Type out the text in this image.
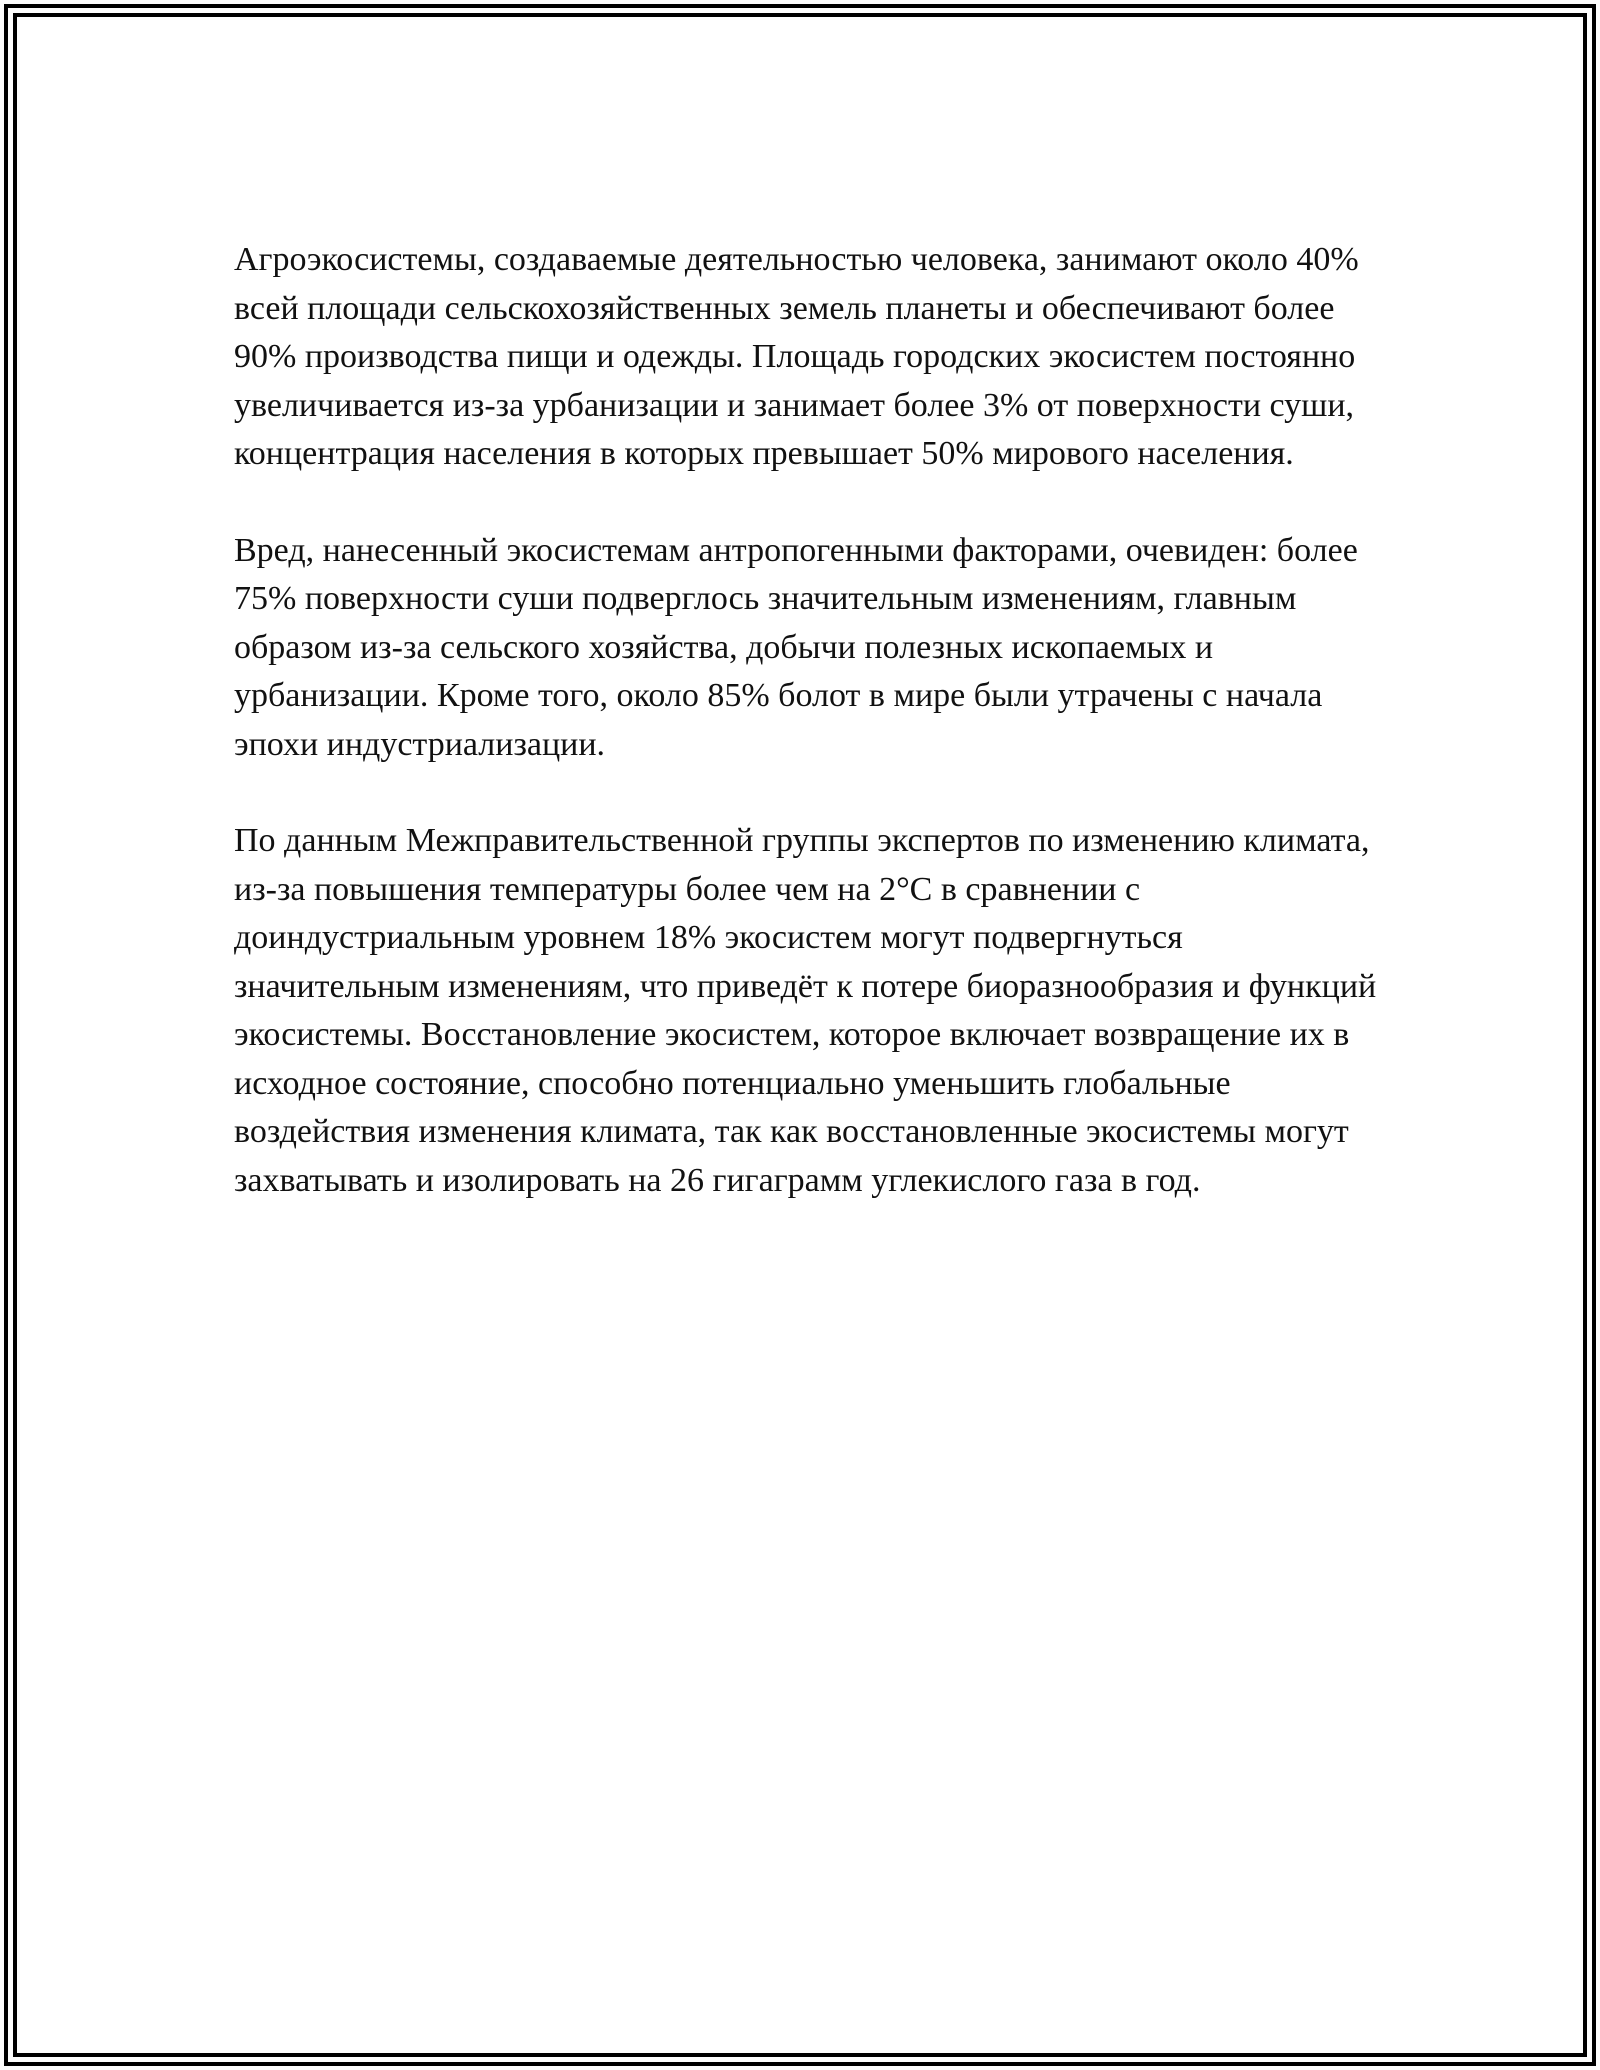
Агроэкосистемы, создаваемые деятельностью человека, занимают около 40% всей площади сельскохозяйственных земель планеты и обеспечивают более 90% производства пищи и одежды. Площадь городских экосистем постоянно увеличивается из-за урбанизации и занимает более 3% от поверхности суши, концентрация населения в которых превышает 50% мирового населения.

Вред, нанесенный экосистемам антропогенными факторами, очевиден: более 75% поверхности суши подверглось значительным изменениям, главным образом из-за сельского хозяйства, добычи полезных ископаемых и урбанизации. Кроме того, около 85% болот в мире были утрачены с начала эпохи индустриализации.

По данным Межправительственной группы экспертов по изменению климата, из-за повышения температуры более чем на 2°C в сравнении с доиндустриальным уровнем 18% экосистем могут подвергнуться значительным изменениям, что приведёт к потере биоразнообразия и функций экосистемы. Восстановление экосистем, которое включает возвращение их в исходное состояние, способно потенциально уменьшить глобальные воздействия изменения климата, так как восстановленные экосистемы могут захватывать и изолировать на 26 гигаграмм углекислого газа в год.
